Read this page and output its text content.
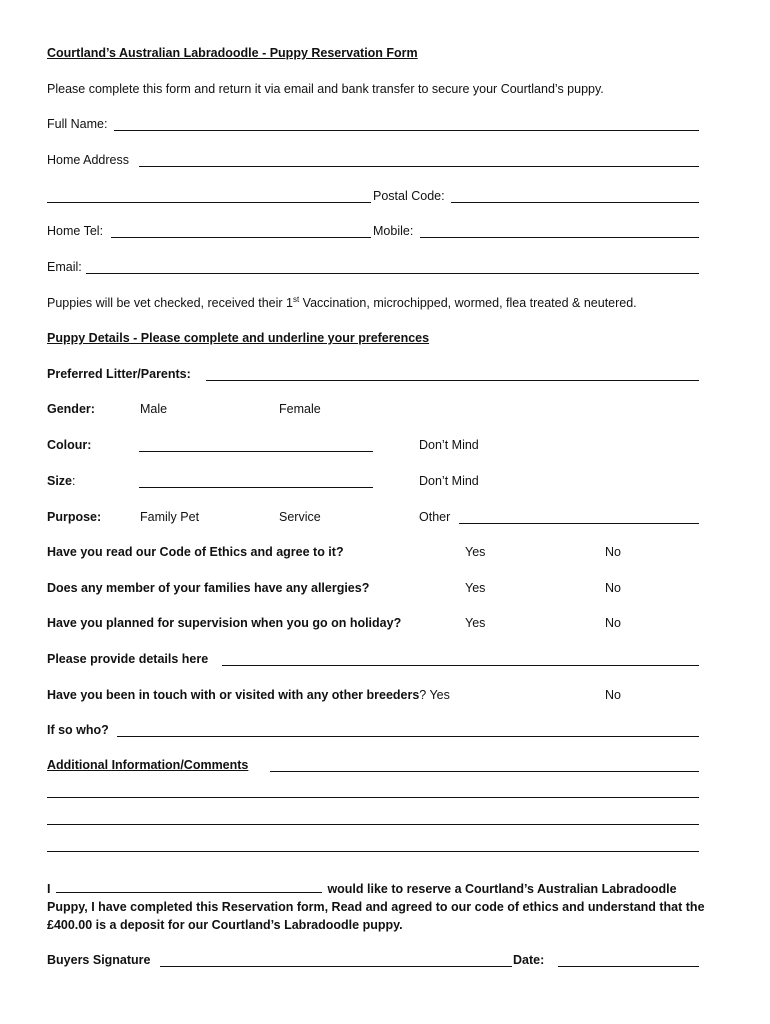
Courtland’s Australian Labradoodle - Puppy Reservation Form
Please complete this form and return it via email and bank transfer to secure your Courtland’s puppy.
Full Name:
Home Address
Postal Code:
Home Tel:	Mobile:
Email:
Puppies will be vet checked, received their 1st Vaccination, microchipped, wormed, flea treated & neutered.
Puppy Details - Please complete and underline your preferences
Preferred Litter/Parents:
Gender:	Male	Female
Colour:	Don’t Mind
Size:	Don’t Mind
Purpose:	Family Pet	Service	Other
Have you read our Code of Ethics and agree to it?	Yes	No
Does any member of your families have any allergies?	Yes	No
Have you planned for supervision when you go on holiday?	Yes	No
Please provide details here
Have you been in touch with or visited with any other breeders? Yes	No
If so who?
Additional Information/Comments
I	would like to reserve a Courtland’s Australian Labradoodle Puppy, I have completed this Reservation form, Read and agreed to our code of ethics and understand that the £400.00 is a deposit for our Courtland’s Labradoodle puppy.
Buyers Signature	Date:
